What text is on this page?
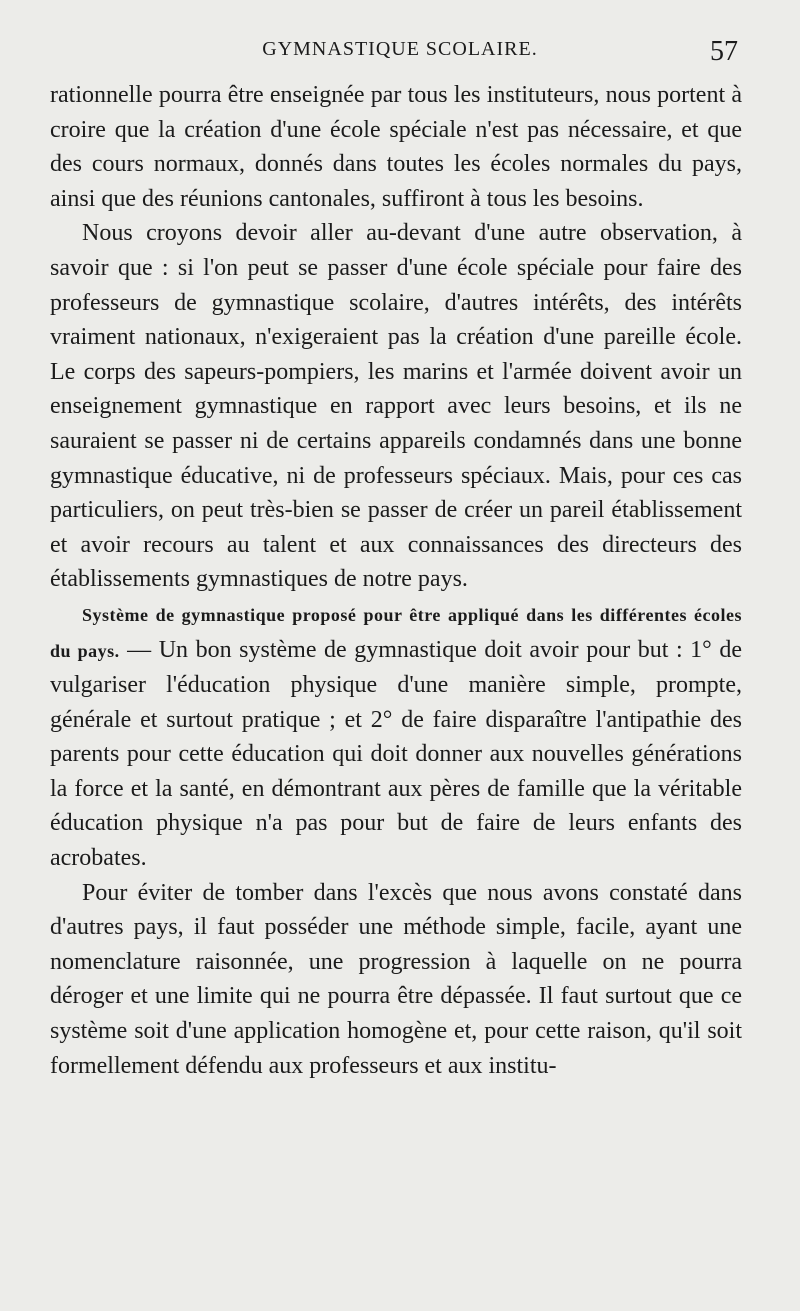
GYMNASTIQUE SCOLAIRE.	57

rationnelle pourra être enseignée par tous les instituteurs, nous portent à croire que la création d'une école spéciale n'est pas nécessaire, et que des cours normaux, donnés dans toutes les écoles normales du pays, ainsi que des réunions cantonales, suffiront à tous les besoins.

Nous croyons devoir aller au-devant d'une autre observation, à savoir que : si l'on peut se passer d'une école spéciale pour faire des professeurs de gymnastique scolaire, d'autres intérêts, des intérêts vraiment nationaux, n'exigeraient pas la création d'une pareille école. Le corps des sapeurs-pompiers, les marins et l'armée doivent avoir un enseignement gymnastique en rapport avec leurs besoins, et ils ne sauraient se passer ni de certains appareils condamnés dans une bonne gymnastique éducative, ni de professeurs spéciaux. Mais, pour ces cas particuliers, on peut très-bien se passer de créer un pareil établissement et avoir recours au talent et aux connaissances des directeurs des établissements gymnastiques de notre pays.

Système de gymnastique proposé pour être appliqué dans les différentes écoles du pays. — Un bon système de gymnastique doit avoir pour but : 1° de vulgariser l'éducation physique d'une manière simple, prompte, générale et surtout pratique ; et 2° de faire disparaître l'antipathie des parents pour cette éducation qui doit donner aux nouvelles générations la force et la santé, en démontrant aux pères de famille que la véritable éducation physique n'a pas pour but de faire de leurs enfants des acrobates.

Pour éviter de tomber dans l'excès que nous avons constaté dans d'autres pays, il faut posséder une méthode simple, facile, ayant une nomenclature raisonnée, une progression à laquelle on ne pourra déroger et une limite qui ne pourra être dépassée. Il faut surtout que ce système soit d'une application homogène et, pour cette raison, qu'il soit formellement défendu aux professeurs et aux institu-
